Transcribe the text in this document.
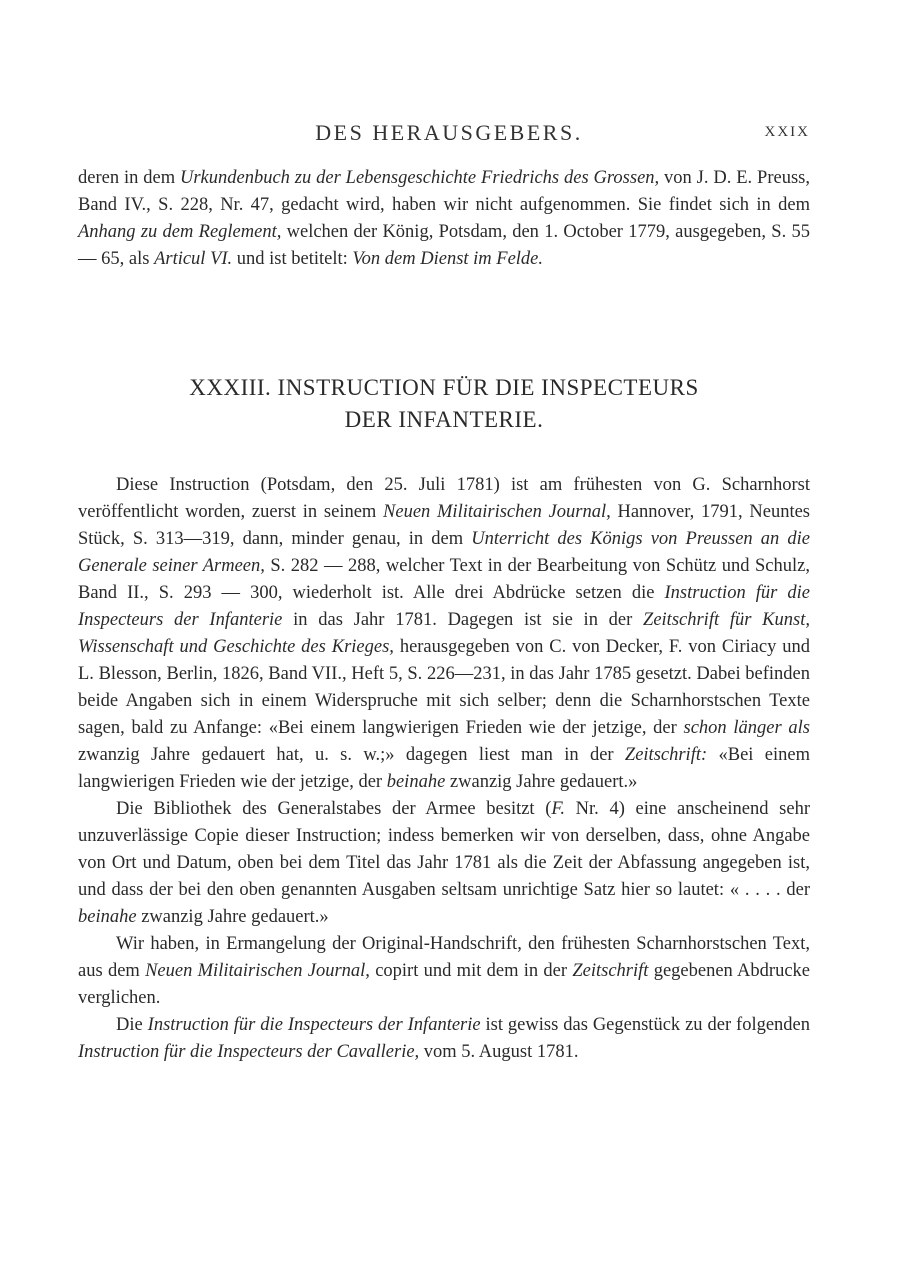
DES HERAUSGEBERS.	XXIX

deren in dem Urkundenbuch zu der Lebensgeschichte Friedrichs des Grossen, von J. D. E. Preuss, Band IV., S. 228, Nr. 47, gedacht wird, haben wir nicht aufgenommen. Sie findet sich in dem Anhang zu dem Reglement, welchen der König, Potsdam, den 1. October 1779, ausgegeben, S. 55 — 65, als Articul VI. und ist betitelt: Von dem Dienst im Felde.

XXXIII. INSTRUCTION FÜR DIE INSPECTEURS
DER INFANTERIE.

Diese Instruction (Potsdam, den 25. Juli 1781) ist am frühesten von G. Scharnhorst veröffentlicht worden, zuerst in seinem Neuen Militairischen Journal, Hannover, 1791, Neuntes Stück, S. 313—319, dann, minder genau, in dem Unterricht des Königs von Preussen an die Generale seiner Armeen, S. 282 — 288, welcher Text in der Bearbeitung von Schütz und Schulz, Band II., S. 293 — 300, wiederholt ist. Alle drei Abdrücke setzen die Instruction für die Inspecteurs der Infanterie in das Jahr 1781. Dagegen ist sie in der Zeitschrift für Kunst, Wissenschaft und Geschichte des Krieges, herausgegeben von C. von Decker, F. von Ciriacy und L. Blesson, Berlin, 1826, Band VII., Heft 5, S. 226—231, in das Jahr 1785 gesetzt. Dabei befinden beide Angaben sich in einem Widerspruche mit sich selber; denn die Scharnhorstschen Texte sagen, bald zu Anfange: «Bei einem langwierigen Frieden wie der jetzige, der schon länger als zwanzig Jahre gedauert hat, u. s. w.;» dagegen liest man in der Zeitschrift: «Bei einem langwierigen Frieden wie der jetzige, der beinahe zwanzig Jahre gedauert.»

Die Bibliothek des Generalstabes der Armee besitzt (F. Nr. 4) eine anscheinend sehr unzuverlässige Copie dieser Instruction; indess bemerken wir von derselben, dass, ohne Angabe von Ort und Datum, oben bei dem Titel das Jahr 1781 als die Zeit der Abfassung angegeben ist, und dass der bei den oben genannten Ausgaben seltsam unrichtige Satz hier so lautet: « . . . . der beinahe zwanzig Jahre gedauert.»

Wir haben, in Ermangelung der Original-Handschrift, den frühesten Scharnhorstschen Text, aus dem Neuen Militairischen Journal, copirt und mit dem in der Zeitschrift gegebenen Abdrucke verglichen.

Die Instruction für die Inspecteurs der Infanterie ist gewiss das Gegenstück zu der folgenden Instruction für die Inspecteurs der Cavallerie, vom 5. August 1781.
